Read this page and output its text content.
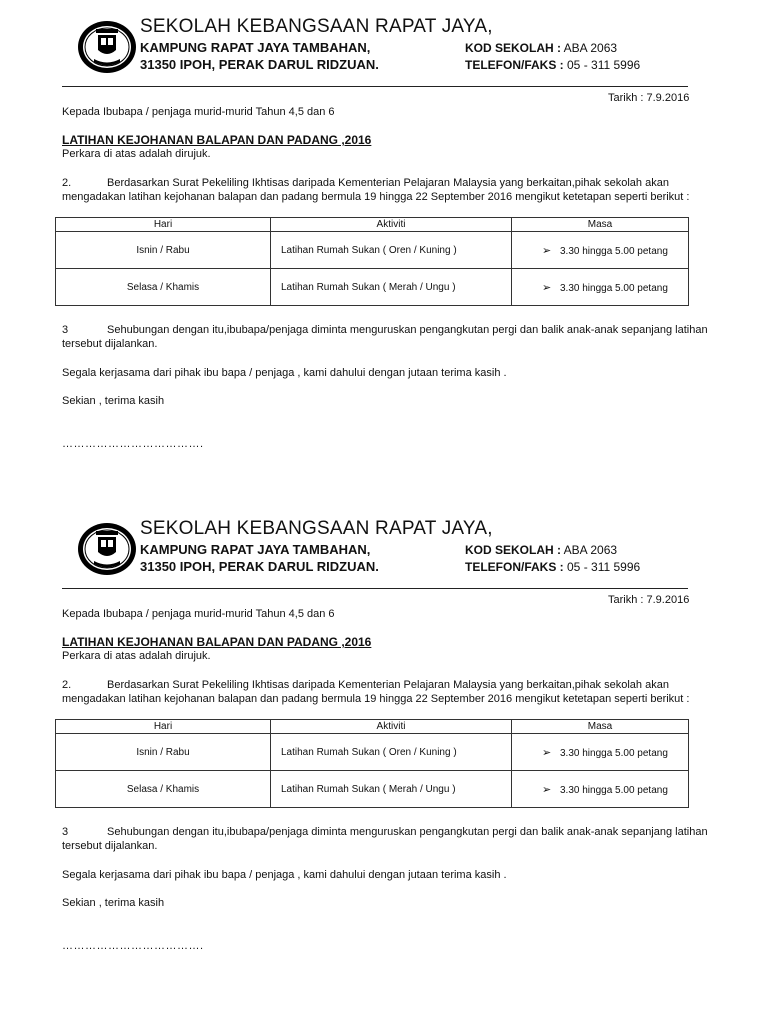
SEKOLAH KEBANGSAAN RAPAT JAYA,
KAMPUNG RAPAT JAYA TAMBAHAN,
31350 IPOH, PERAK DARUL RIDZUAN.
KOD SEKOLAH : ABA 2063
TELEFON/FAKS : 05 - 311 5996
Tarikh : 7.9.2016
Kepada Ibubapa / penjaga murid-murid Tahun 4,5 dan 6
LATIHAN KEJOHANAN BALAPAN DAN PADANG ,2016
Perkara di atas adalah dirujuk.
2.	Berdasarkan Surat Pekeliling Ikhtisas daripada Kementerian Pelajaran Malaysia yang berkaitan,pihak sekolah akan
mengadakan latihan kejohanan balapan dan padang bermula 19 hingga 22 September 2016 mengikut ketetapan seperti berikut :
Hari	Aktiviti	Masa
Isnin / Rabu	Latihan Rumah Sukan ( Oren / Kuning )	➢ 3.30 hingga 5.00 petang
Selasa / Khamis	Latihan Rumah Sukan ( Merah / Ungu )	➢ 3.30 hingga 5.00 petang
3	Sehubungan dengan itu,ibubapa/penjaga diminta menguruskan pengangkutan pergi dan balik anak-anak sepanjang latihan
tersebut dijalankan.
Segala kerjasama dari pihak ibu bapa / penjaga , kami dahului dengan jutaan terima kasih .
Sekian , terima kasih
……………………………….
SEKOLAH KEBANGSAAN RAPAT JAYA,
KAMPUNG RAPAT JAYA TAMBAHAN,
31350 IPOH, PERAK DARUL RIDZUAN.
KOD SEKOLAH : ABA 2063
TELEFON/FAKS : 05 - 311 5996
Tarikh : 7.9.2016
Kepada Ibubapa / penjaga murid-murid Tahun 4,5 dan 6
LATIHAN KEJOHANAN BALAPAN DAN PADANG ,2016
Perkara di atas adalah dirujuk.
2.	Berdasarkan Surat Pekeliling Ikhtisas daripada Kementerian Pelajaran Malaysia yang berkaitan,pihak sekolah akan
mengadakan latihan kejohanan balapan dan padang bermula 19 hingga 22 September 2016 mengikut ketetapan seperti berikut :
Hari	Aktiviti	Masa
Isnin / Rabu	Latihan Rumah Sukan ( Oren / Kuning )	➢ 3.30 hingga 5.00 petang
Selasa / Khamis	Latihan Rumah Sukan ( Merah / Ungu )	➢ 3.30 hingga 5.00 petang
3	Sehubungan dengan itu,ibubapa/penjaga diminta menguruskan pengangkutan pergi dan balik anak-anak sepanjang latihan
tersebut dijalankan.
Segala kerjasama dari pihak ibu bapa / penjaga , kami dahului dengan jutaan terima kasih .
Sekian , terima kasih
……………………………….
